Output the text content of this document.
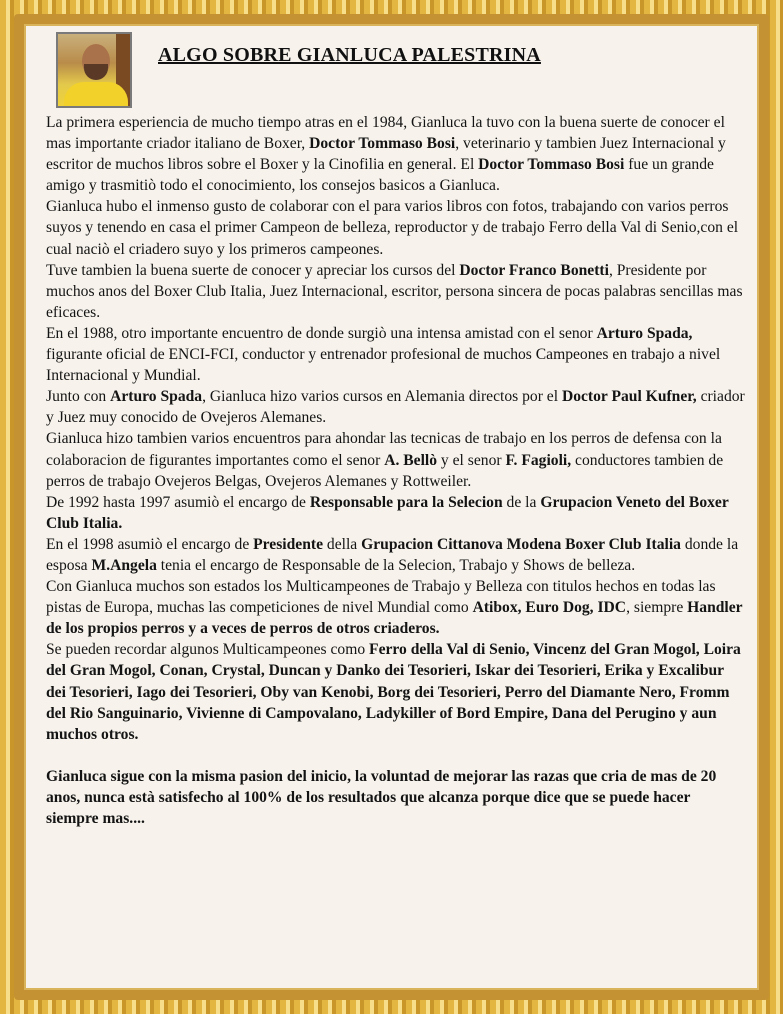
ALGO SOBRE GIANLUCA PALESTRINA

La primera esperiencia de mucho tiempo atras en el 1984, Gianluca la tuvo con la buena suerte de conocer el mas importante criador italiano de Boxer, Doctor Tommaso Bosi, veterinario y tambien Juez Internacional y escritor de muchos libros sobre el Boxer y la Cinofilia en general. El Doctor Tommaso Bosi fue un grande amigo y trasmitiò todo el conocimiento, los consejos basicos a Gianluca.

Gianluca hubo el inmenso gusto de colaborar con el para varios libros con fotos, trabajando con varios perros suyos y tenendo en casa el primer Campeon de belleza, reproductor y de trabajo Ferro della Val di Senio,con el cual naciò el criadero suyo y los primeros campeones.

Tuve tambien la buena suerte de conocer y apreciar los cursos del Doctor Franco Bonetti, Presidente por muchos anos del Boxer Club Italia, Juez Internacional, escritor, persona sincera de pocas palabras sencillas mas eficaces.

En el 1988, otro importante encuentro de donde surgiò una intensa amistad con el senor Arturo Spada, figurante oficial de ENCI-FCI, conductor y entrenador profesional de muchos Campeones en trabajo a nivel Internacional y Mundial.

Junto con Arturo Spada, Gianluca hizo varios cursos en Alemania directos por el Doctor Paul Kufner, criador y Juez muy conocido de Ovejeros Alemanes.

Gianluca hizo tambien varios encuentros para ahondar las tecnicas de trabajo en los perros de defensa con la colaboracion de figurantes importantes como el senor A. Bellò y el senor F. Fagioli, conductores tambien de perros de trabajo Ovejeros Belgas, Ovejeros Alemanes y Rottweiler.

De 1992 hasta 1997 asumiò el encargo de Responsable para la Selecion de la Grupacion Veneto del Boxer Club Italia.

En el 1998 asumiò el encargo de Presidente della Grupacion Cittanova Modena Boxer Club Italia donde la esposa M.Angela tenia el encargo de Responsable de la Selecion, Trabajo y Shows de belleza.

Con Gianluca muchos son estados los Multicampeones de Trabajo y Belleza con titulos hechos en todas las pistas de Europa, muchas las competiciones de nivel Mundial como Atibox, Euro Dog, IDC, siempre Handler de los propios perros y a veces de perros de otros criaderos.

Se pueden recordar algunos Multicampeones como Ferro della Val di Senio, Vincenz del Gran Mogol, Loira del Gran Mogol, Conan, Crystal, Duncan y Danko dei Tesorieri, Iskar dei Tesorieri, Erika y Excalibur dei Tesorieri, Iago dei Tesorieri, Oby van Kenobi, Borg dei Tesorieri, Perro del Diamante Nero, Fromm del Rio Sanguinario, Vivienne di Campovalano, Ladykiller of Bord Empire, Dana del Perugino y aun muchos otros.

Gianluca sigue con la misma pasion del inicio, la voluntad de mejorar las razas que cria de mas de 20 anos, nunca està satisfecho al 100% de los resultados que alcanza porque dice que se puede hacer siempre mas....
